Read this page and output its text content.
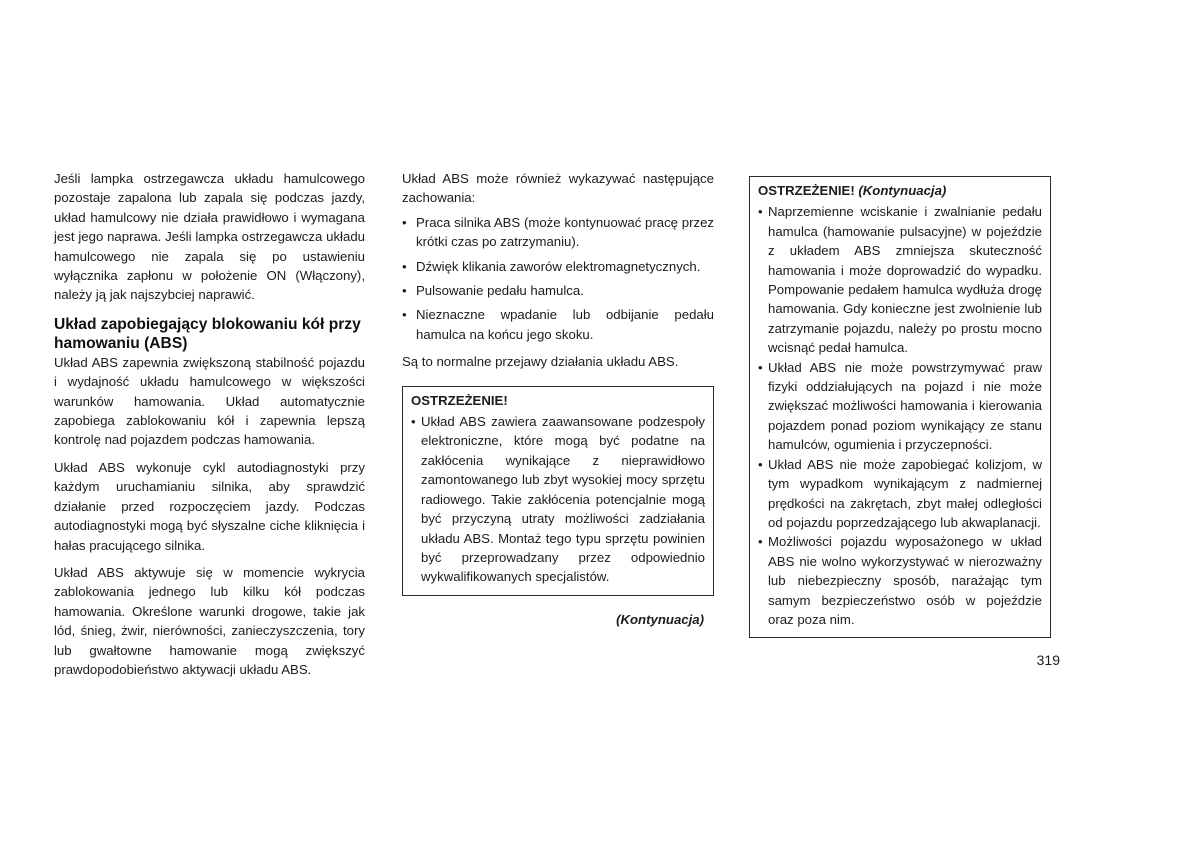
Jeśli lampka ostrzegawcza układu hamulcowego pozostaje zapalona lub zapala się podczas jazdy, układ hamulcowy nie działa prawidłowo i wymagana jest jego naprawa. Jeśli lampka ostrzegawcza układu hamulcowego nie zapala się po ustawieniu wyłącznika zapłonu w położenie ON (Włączony), należy ją jak najszybciej naprawić.

Układ zapobiegający blokowaniu kół przy hamowaniu (ABS)

Układ ABS zapewnia zwiększoną stabilność pojazdu i wydajność układu hamulcowego w większości warunków hamowania. Układ automatycznie zapobiega zablokowaniu kół i zapewnia lepszą kontrolę nad pojazdem podczas hamowania.

Układ ABS wykonuje cykl autodiagnostyki przy każdym uruchamianiu silnika, aby sprawdzić działanie przed rozpoczęciem jazdy. Podczas autodiagnostyki mogą być słyszalne ciche kliknięcia i hałas pracującego silnika.

Układ ABS aktywuje się w momencie wykrycia zablokowania jednego lub kilku kół podczas hamowania. Określone warunki drogowe, takie jak lód, śnieg, żwir, nierówności, zanieczyszczenia, tory lub gwałtowne hamowanie mogą zwiększyć prawdopodobieństwo aktywacji układu ABS.

Układ ABS może również wykazywać następujące zachowania:

• Praca silnika ABS (może kontynuować pracę przez krótki czas po zatrzymaniu).
• Dźwięk klikania zaworów elektromagnetycznych.
• Pulsowanie pedału hamulca.
• Nieznaczne wpadanie lub odbijanie pedału hamulca na końcu jego skoku.

Są to normalne przejawy działania układu ABS.

OSTRZEŻENIE!
• Układ ABS zawiera zaawansowane podzespoły elektroniczne, które mogą być podatne na zakłócenia wynikające z nieprawidłowo zamontowanego lub zbyt wysokiej mocy sprzętu radiowego. Takie zakłócenia potencjalnie mogą być przyczyną utraty możliwości zadziałania układu ABS. Montaż tego typu sprzętu powinien być przeprowadzany przez odpowiednio wykwalifikowanych specjalistów.
(Kontynuacja)
OSTRZEŻENIE! (Kontynuacja)
• Naprzemienne wciskanie i zwalnianie pedału hamulca (hamowanie pulsacyjne) w pojeździe z układem ABS zmniejsza skuteczność hamowania i może doprowadzić do wypadku. Pompowanie pedałem hamulca wydłuża drogę hamowania. Gdy konieczne jest zwolnienie lub zatrzymanie pojazdu, należy po prostu mocno wcisnąć pedał hamulca.
• Układ ABS nie może powstrzymywać praw fizyki oddziałujących na pojazd i nie może zwiększać możliwości hamowania i kierowania pojazdem ponad poziom wynikający ze stanu hamulców, ogumienia i przyczepności.
• Układ ABS nie może zapobiegać kolizjom, w tym wypadkom wynikającym z nadmiernej prędkości na zakrętach, zbyt małej odległości od pojazdu poprzedzającego lub akwaplanacji.
• Możliwości pojazdu wyposażonego w układ ABS nie wolno wykorzystywać w nierozważny lub niebezpieczny sposób, narażając tym samym bezpieczeństwo osób w pojeździe oraz poza nim.
319
